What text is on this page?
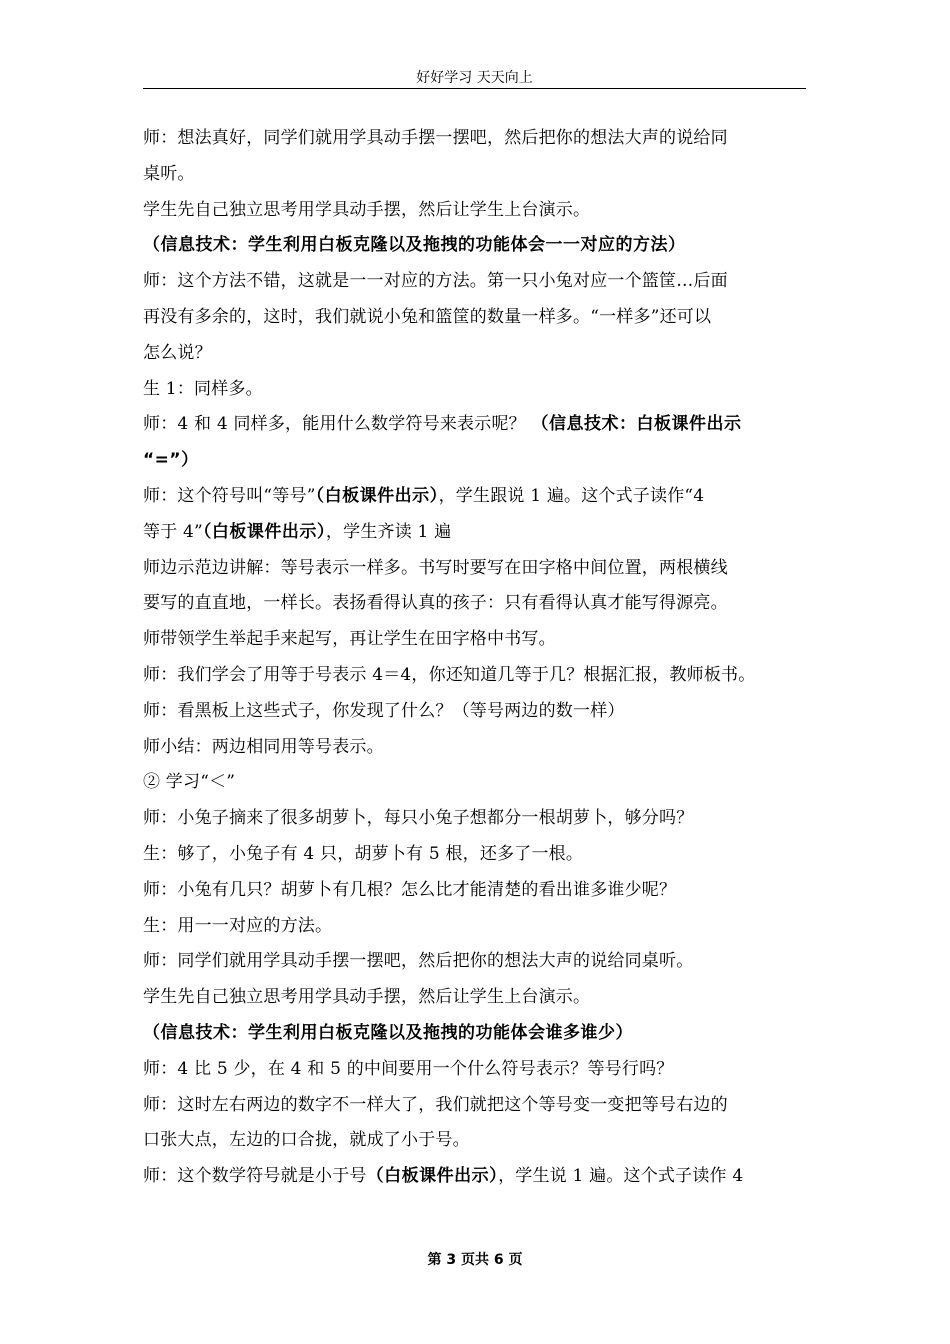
好好学习 天天向上

师：想法真好，同学们就用学具动手摆一摆吧，然后把你的想法大声的说给同

桌听。

学生先自己独立思考用学具动手摆，然后让学生上台演示。

（信息技术：学生利用白板克隆以及拖拽的功能体会一一对应的方法）

师：这个方法不错，这就是一一对应的方法。第一只小兔对应一个篮筐…后面

再没有多余的，这时，我们就说小兔和篮筐的数量一样多。“一样多”还可以

怎么说？

生 1：同样多。

师：4 和 4 同样多，能用什么数学符号来表示呢？ （信息技术：白板课件出示

“=”）

师：这个符号叫“等号”（白板课件出示），学生跟说 1 遍。这个式子读作“4

等于 4”（白板课件出示），学生齐读 1 遍

师边示范边讲解：等号表示一样多。书写时要写在田字格中间位置，两根横线

要写的直直地，一样长。表扬看得认真的孩子：只有看得认真才能写得源亮。

师带领学生举起手来起写，再让学生在田字格中书写。

师：我们学会了用等于号表示 4＝4，你还知道几等于几？根据汇报，教师板书。

师：看黑板上这些式子，你发现了什么？（等号两边的数一样）

师小结：两边相同用等号表示。

② 学习“＜”

师：小兔子摘来了很多胡萝卜，每只小兔子想都分一根胡萝卜，够分吗？

生：够了，小兔子有 4 只，胡萝卜有 5 根，还多了一根。

师：小兔有几只？胡萝卜有几根？怎么比才能清楚的看出谁多谁少呢？

生：用一一对应的方法。

师：同学们就用学具动手摆一摆吧，然后把你的想法大声的说给同桌听。

学生先自己独立思考用学具动手摆，然后让学生上台演示。

（信息技术：学生利用白板克隆以及拖拽的功能体会谁多谁少）

师：4 比 5 少，在 4 和 5 的中间要用一个什么符号表示？等号行吗？

师：这时左右两边的数字不一样大了，我们就把这个等号变一变把等号右边的

口张大点，左边的口合拢，就成了小于号。

师：这个数学符号就是小于号（白板课件出示），学生说 1 遍。这个式子读作 4

第 3 页共 6 页
